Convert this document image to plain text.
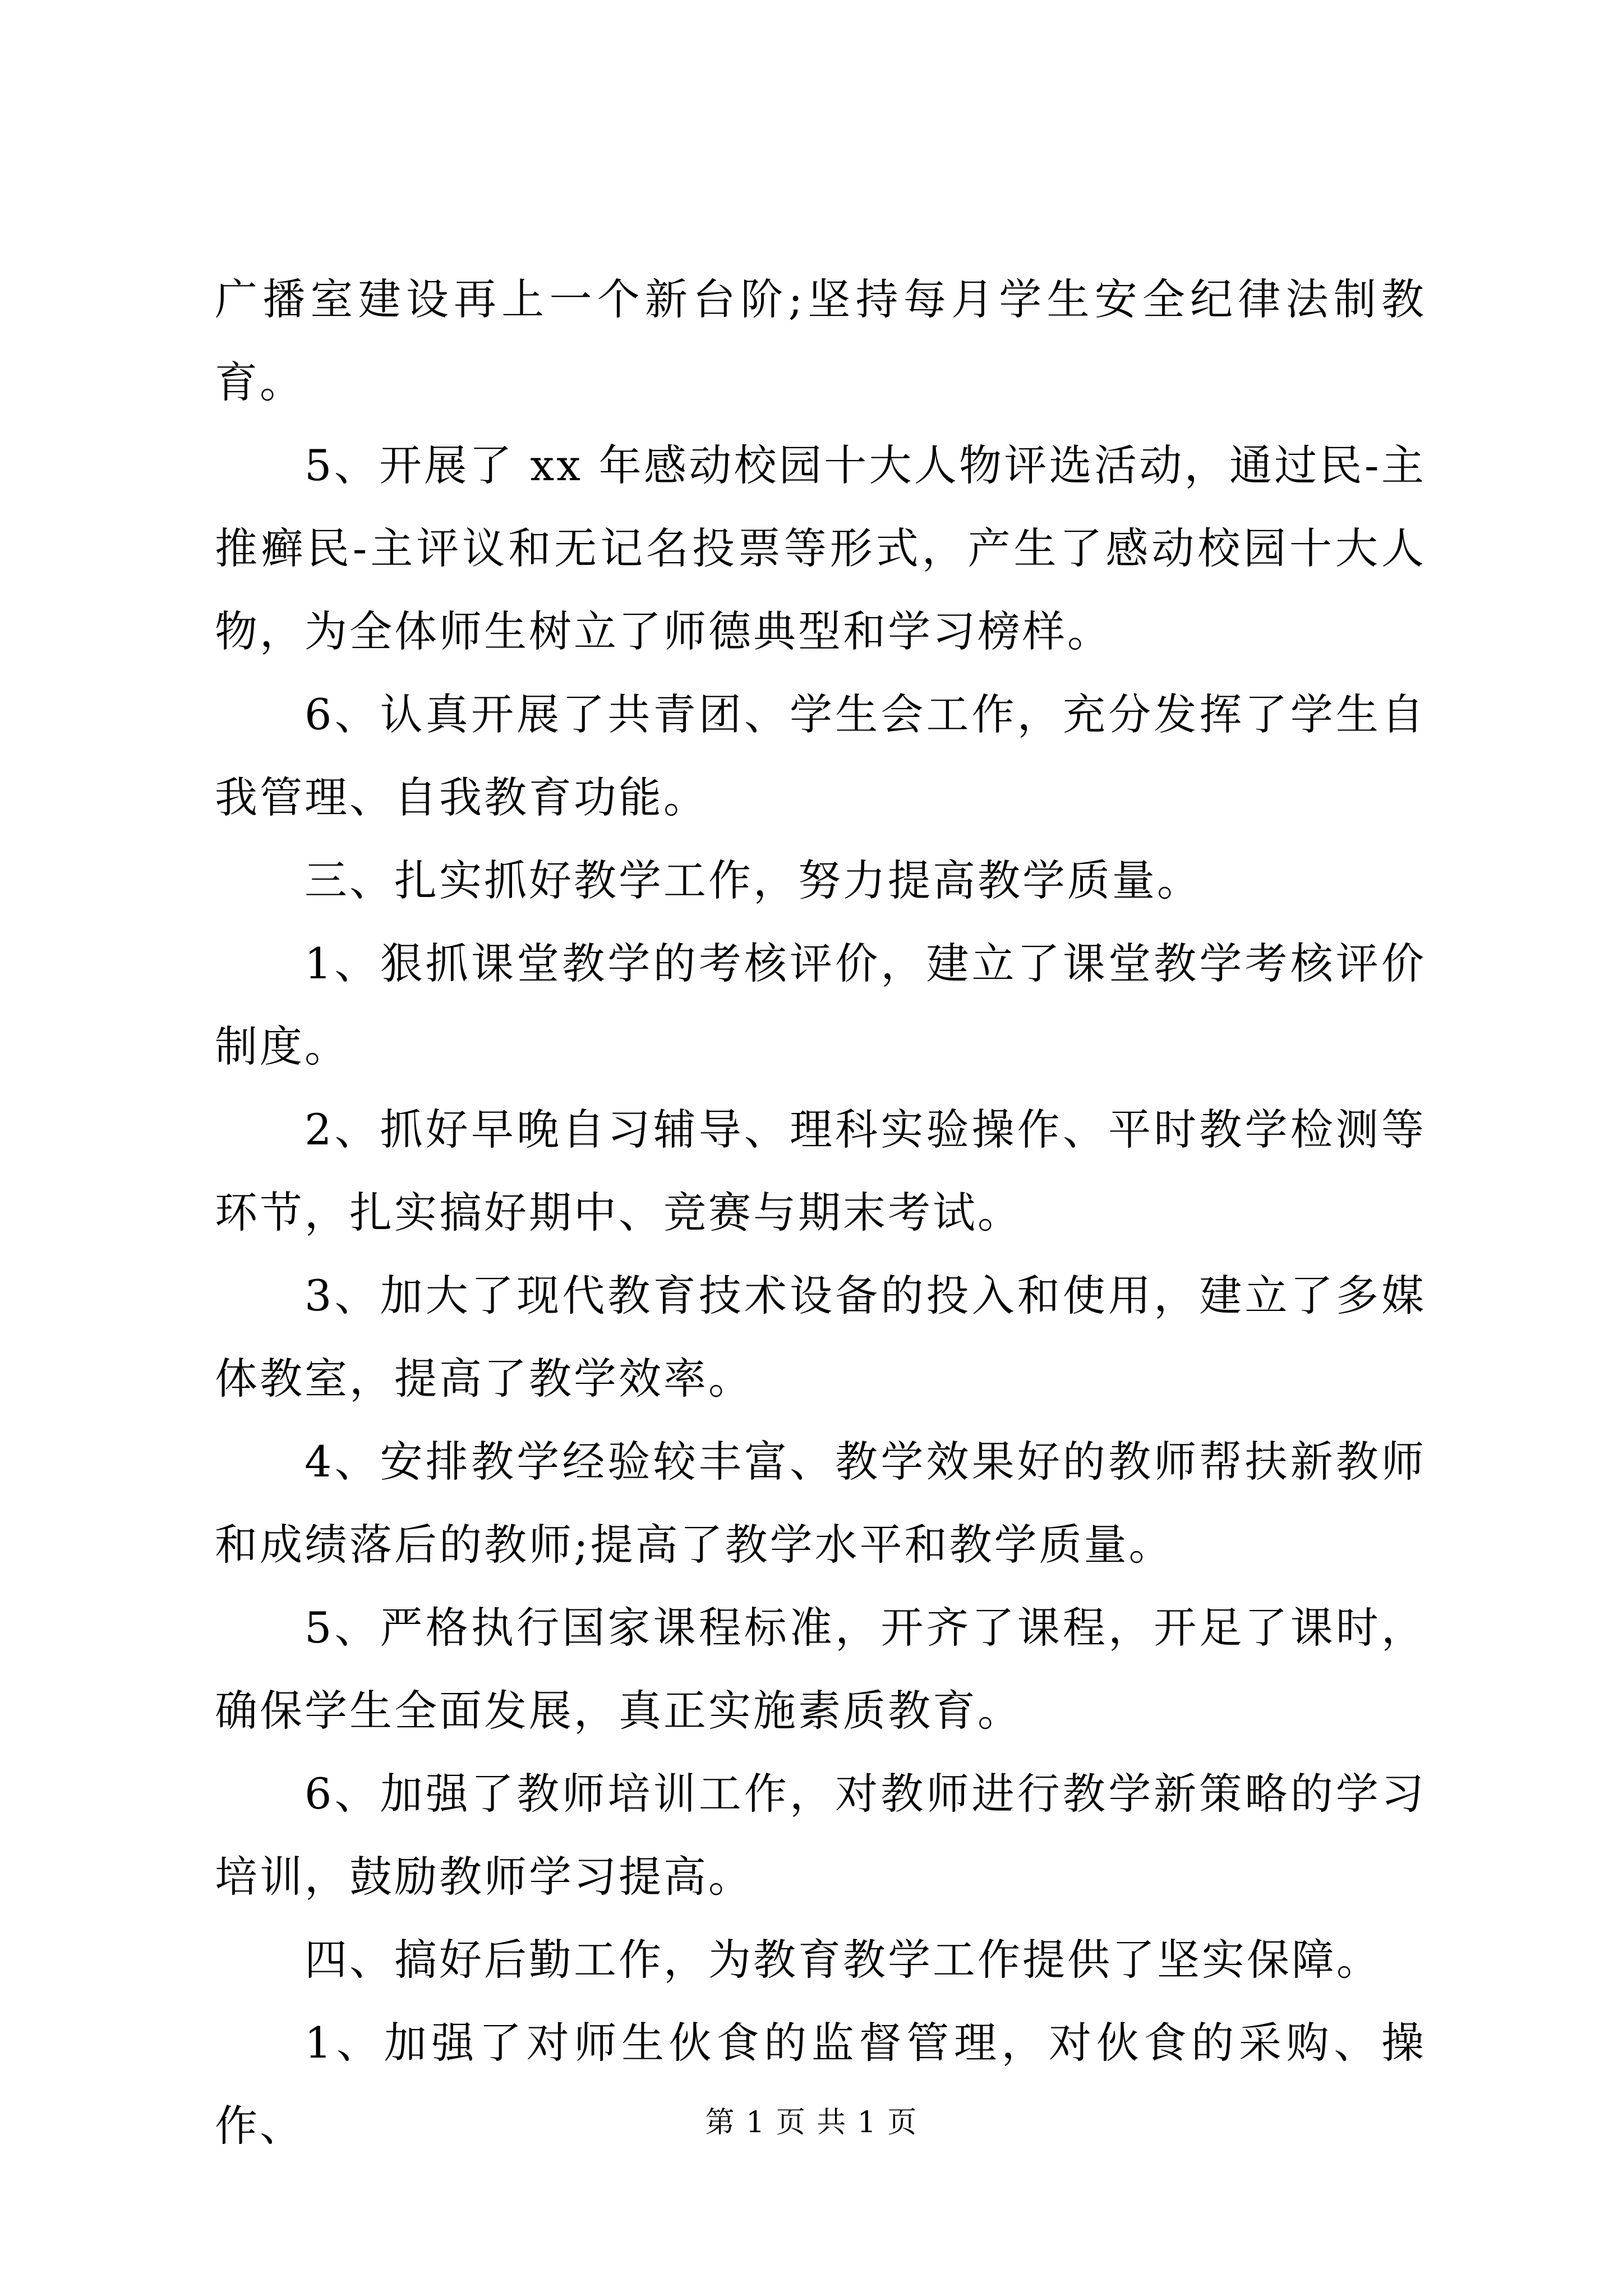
广播室建设再上一个新台阶;坚持每月学生安全纪律法制教育。

5、开展了 xx 年感动校园十大人物评选活动，通过民-主推癣民-主评议和无记名投票等形式，产生了感动校园十大人物，为全体师生树立了师德典型和学习榜样。

6、认真开展了共青团、学生会工作，充分发挥了学生自我管理、自我教育功能。

三、扎实抓好教学工作，努力提高教学质量。

1、狠抓课堂教学的考核评价，建立了课堂教学考核评价制度。

2、抓好早晚自习辅导、理科实验操作、平时教学检测等环节，扎实搞好期中、竞赛与期末考试。

3、加大了现代教育技术设备的投入和使用，建立了多媒体教室，提高了教学效率。

4、安排教学经验较丰富、教学效果好的教师帮扶新教师和成绩落后的教师;提高了教学水平和教学质量。

5、严格执行国家课程标准，开齐了课程，开足了课时，确保学生全面发展，真正实施素质教育。

6、加强了教师培训工作，对教师进行教学新策略的学习培训，鼓励教师学习提高。

四、搞好后勤工作，为教育教学工作提供了坚实保障。

1、加强了对师生伙食的监督管理，对伙食的采购、操作、	第 1 页 共 1 页
